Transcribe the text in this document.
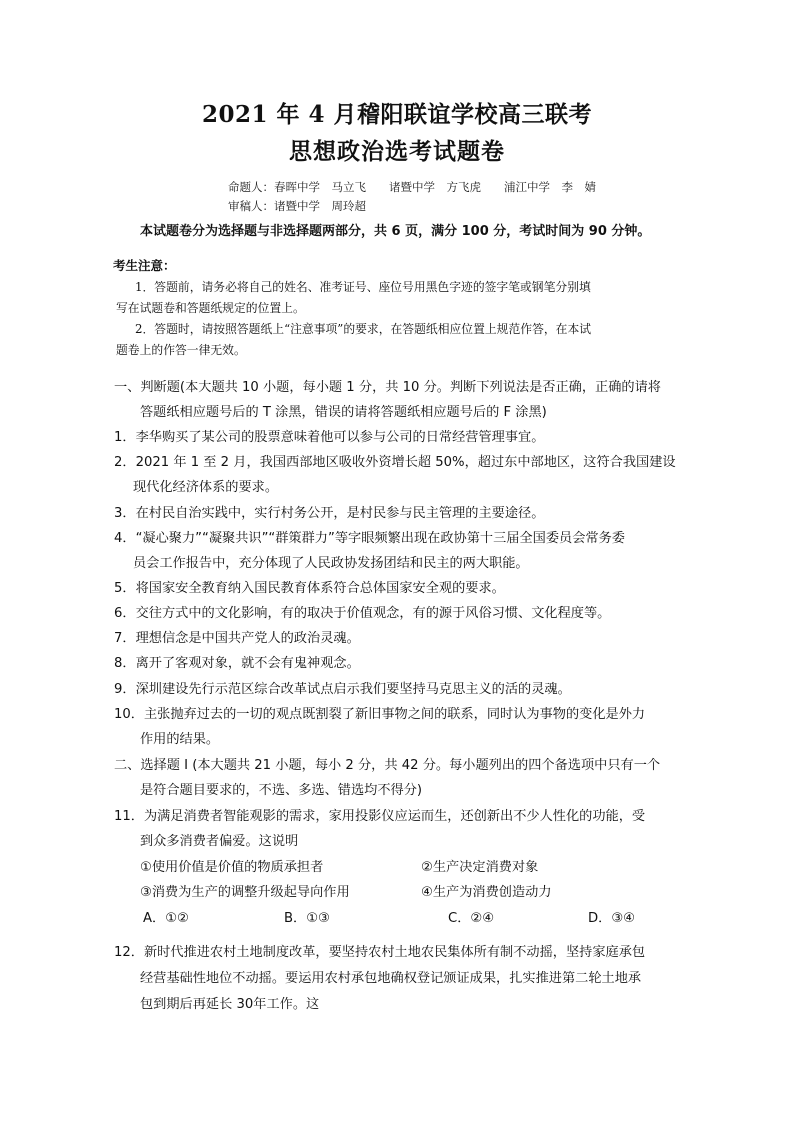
2021 年 4 月稽阳联谊学校高三联考
思想政治选考试题卷
命题人：春晖中学　马立飞　　诸暨中学　方飞虎　　浦江中学　李　婧
审稿人：诸暨中学　周玲超
本试题卷分为选择题与非选择题两部分，共 6 页，满分 100 分，考试时间为 90 分钟。
考生注意：
1．答题前，请务必将自己的姓名、准考证号、座位号用黑色字迹的签字笔或钢笔分别填
写在试题卷和答题纸规定的位置上。
2．答题时，请按照答题纸上“注意事项”的要求，在答题纸相应位置上规范作答，在本试
题卷上的作答一律无效。
一、判断题(本大题共 10 小题，每小题 1 分，共 10 分。判断下列说法是否正确，正确的请将
答题纸相应题号后的 T 涂黑，错误的请将答题纸相应题号后的 F 涂黑)
1．李华购买了某公司的股票意味着他可以参与公司的日常经营管理事宜。
2．2021 年 1 至 2 月，我国西部地区吸收外资增长超 50%，超过东中部地区，这符合我国建设
现代化经济体系的要求。
3．在村民自治实践中，实行村务公开，是村民参与民主管理的主要途径。
4．“凝心聚力”“凝聚共识”“群策群力”等字眼频繁出现在政协第十三届全国委员会常务委
员会工作报告中，充分体现了人民政协发扬团结和民主的两大职能。
5．将国家安全教育纳入国民教育体系符合总体国家安全观的要求。
6．交往方式中的文化影响，有的取决于价值观念，有的源于风俗习惯、文化程度等。
7．理想信念是中国共产党人的政治灵魂。
8．离开了客观对象，就不会有鬼神观念。
9．深圳建设先行示范区综合改革试点启示我们要坚持马克思主义的活的灵魂。
10．主张抛弃过去的一切的观点既割裂了新旧事物之间的联系，同时认为事物的变化是外力
作用的结果。
二、选择题 I (本大题共 21 小题，每小 2 分，共 42 分。每小题列出的四个备选项中只有一个
是符合题目要求的，不选、多选、错选均不得分)
11．为满足消费者智能观影的需求，家用投影仪应运而生，还创新出不少人性化的功能，受
到众多消费者偏爱。这说明
①使用价值是价值的物质承担者	②生产决定消费对象
③消费为生产的调整升级起导向作用	④生产为消费创造动力
A．①②	B．①③	C．②④	D．③④
12．新时代推进农村土地制度改革，要坚持农村土地农民集体所有制不动摇，坚持家庭承包
经营基础性地位不动摇。要运用农村承包地确权登记颁证成果，扎实推进第二轮土地承
包到期后再延长 30年工作。这
